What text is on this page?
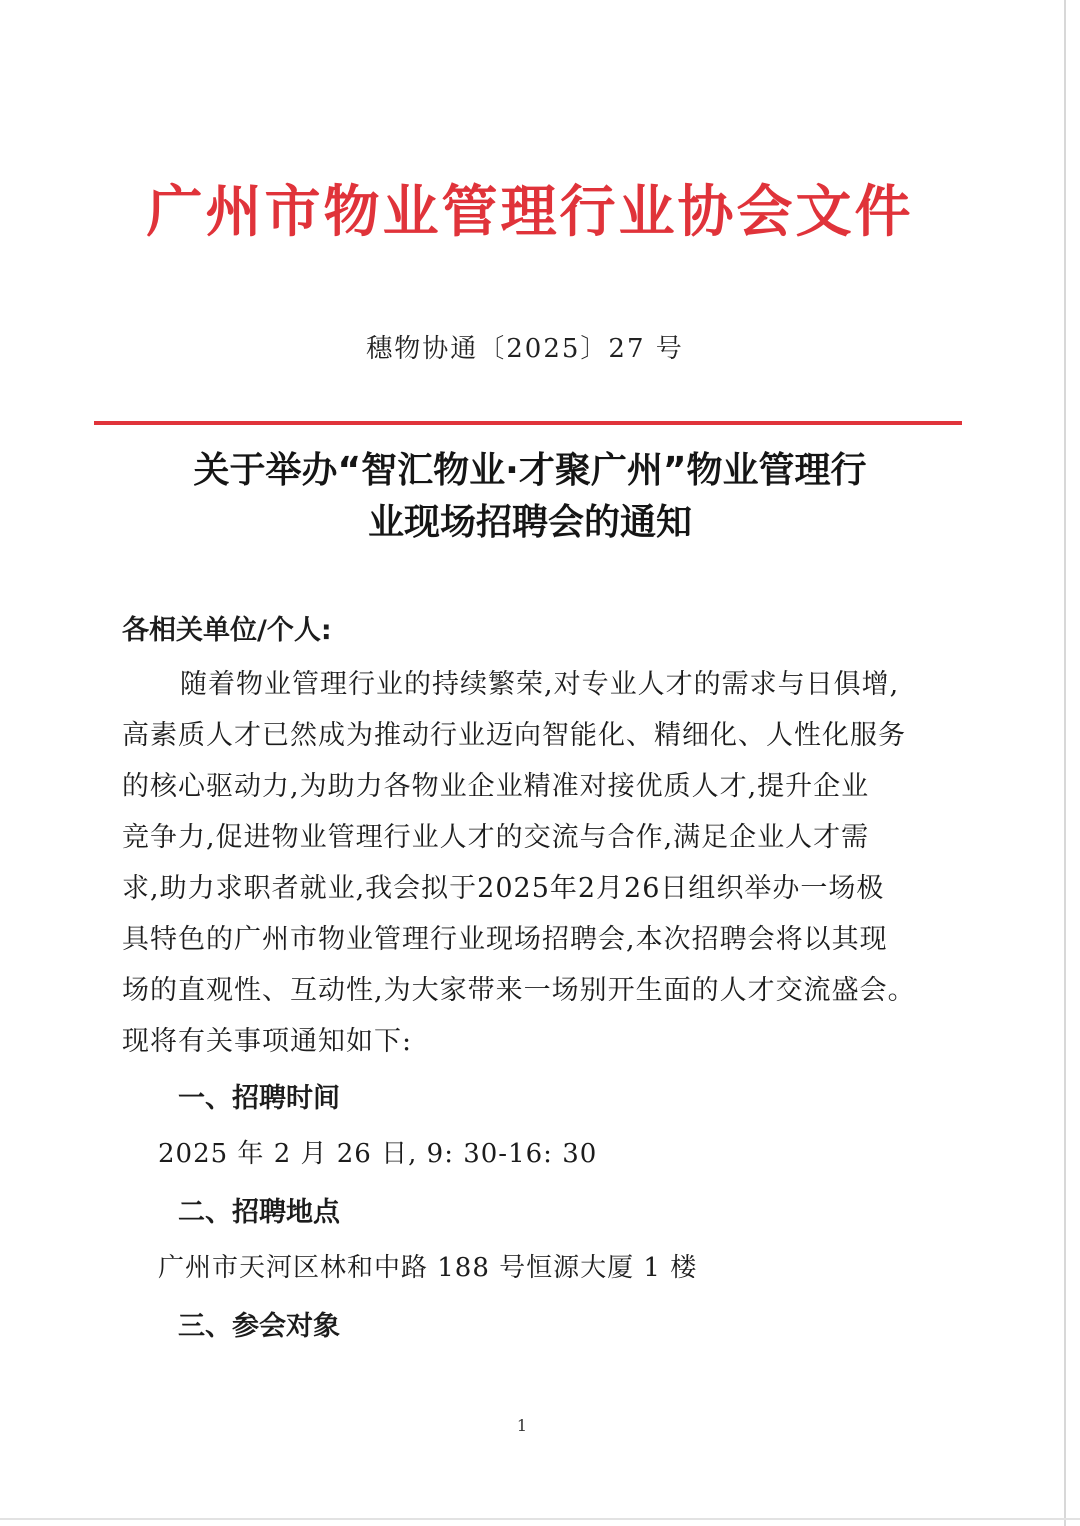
广州市物业管理行业协会文件
穗物协通〔2025〕27 号
关于举办“智汇物业·才聚广州”物业管理行
业现场招聘会的通知
各相关单位/个人:
随着物业管理行业的持续繁荣,对专业人才的需求与日俱增,
高素质人才已然成为推动行业迈向智能化、精细化、人性化服务
的核心驱动力,为助力各物业企业精准对接优质人才,提升企业
竞争力,促进物业管理行业人才的交流与合作,满足企业人才需
求,助力求职者就业,我会拟于2025年2月26日组织举办一场极
具特色的广州市物业管理行业现场招聘会,本次招聘会将以其现
场的直观性、互动性,为大家带来一场别开生面的人才交流盛会。
现将有关事项通知如下:
一、招聘时间
2025 年 2 月 26 日, 9: 30-16: 30
二、招聘地点
广州市天河区林和中路 188 号恒源大厦 1 楼
三、参会对象
1
